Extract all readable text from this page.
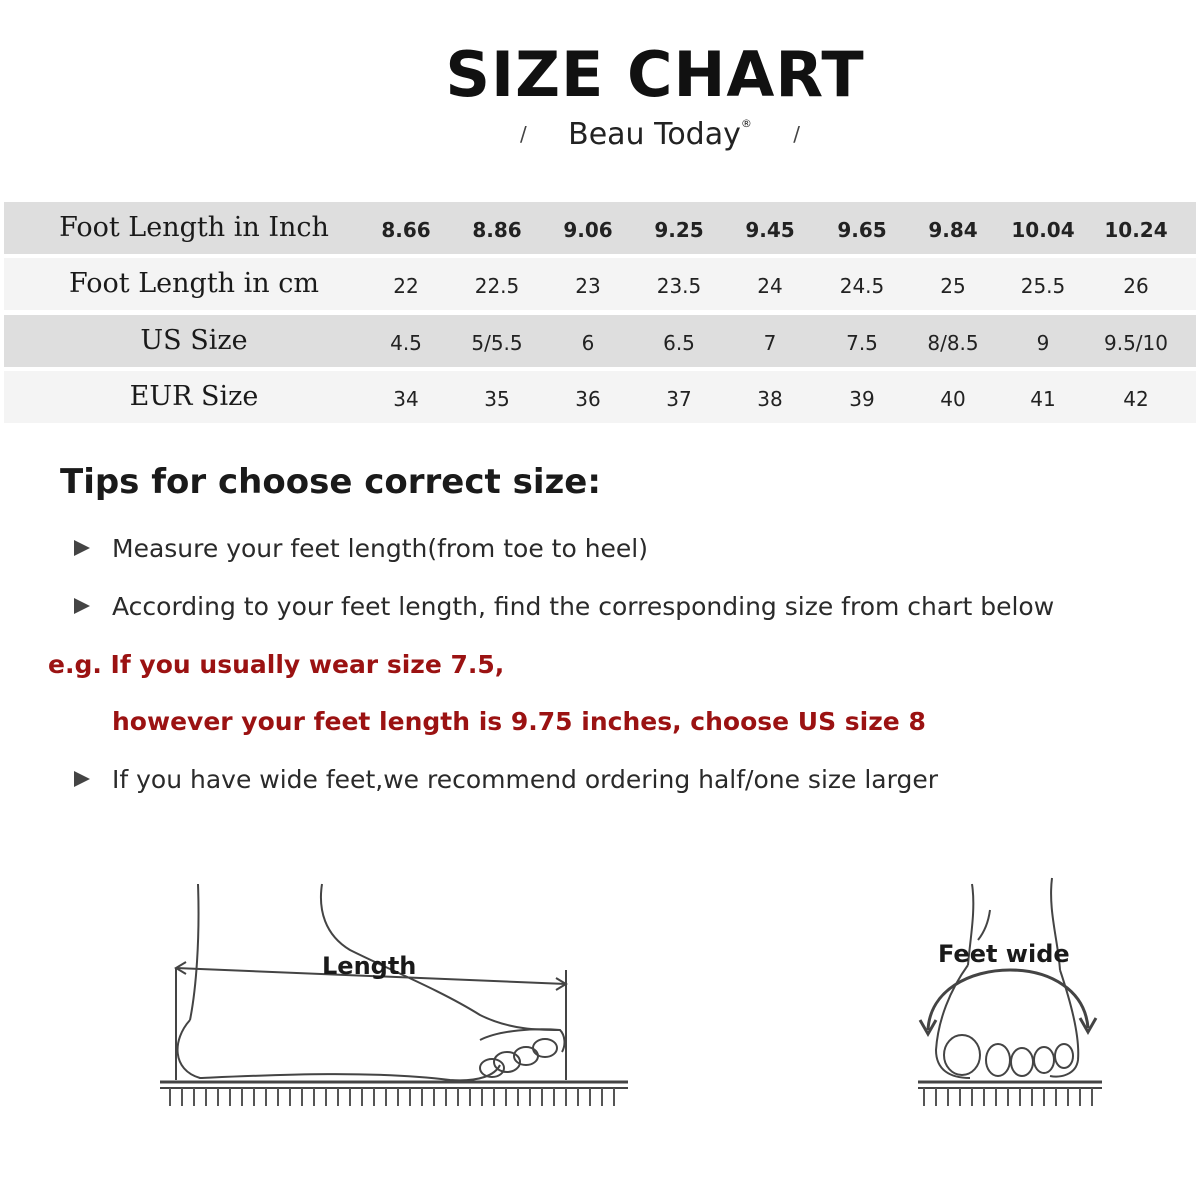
SIZE CHART
/ Beau Today® /
Foot Length in Inch	8.66	8.86	9.06	9.25	9.45	9.65	9.84	10.04	10.24
Foot Length in cm	22	22.5	23	23.5	24	24.5	25	25.5	26
US Size	4.5	5/5.5	6	6.5	7	7.5	8/8.5	9	9.5/10
EUR Size	34	35	36	37	38	39	40	41	42
Tips for choose correct size:
Measure your feet length(from toe to heel)
According to your feet length, find the corresponding size from chart below
e.g. If you usually wear size 7.5,
however your feet length is 9.75 inches, choose US size 8
If you have wide feet,we recommend ordering half/one size larger
Length	Feet wide
